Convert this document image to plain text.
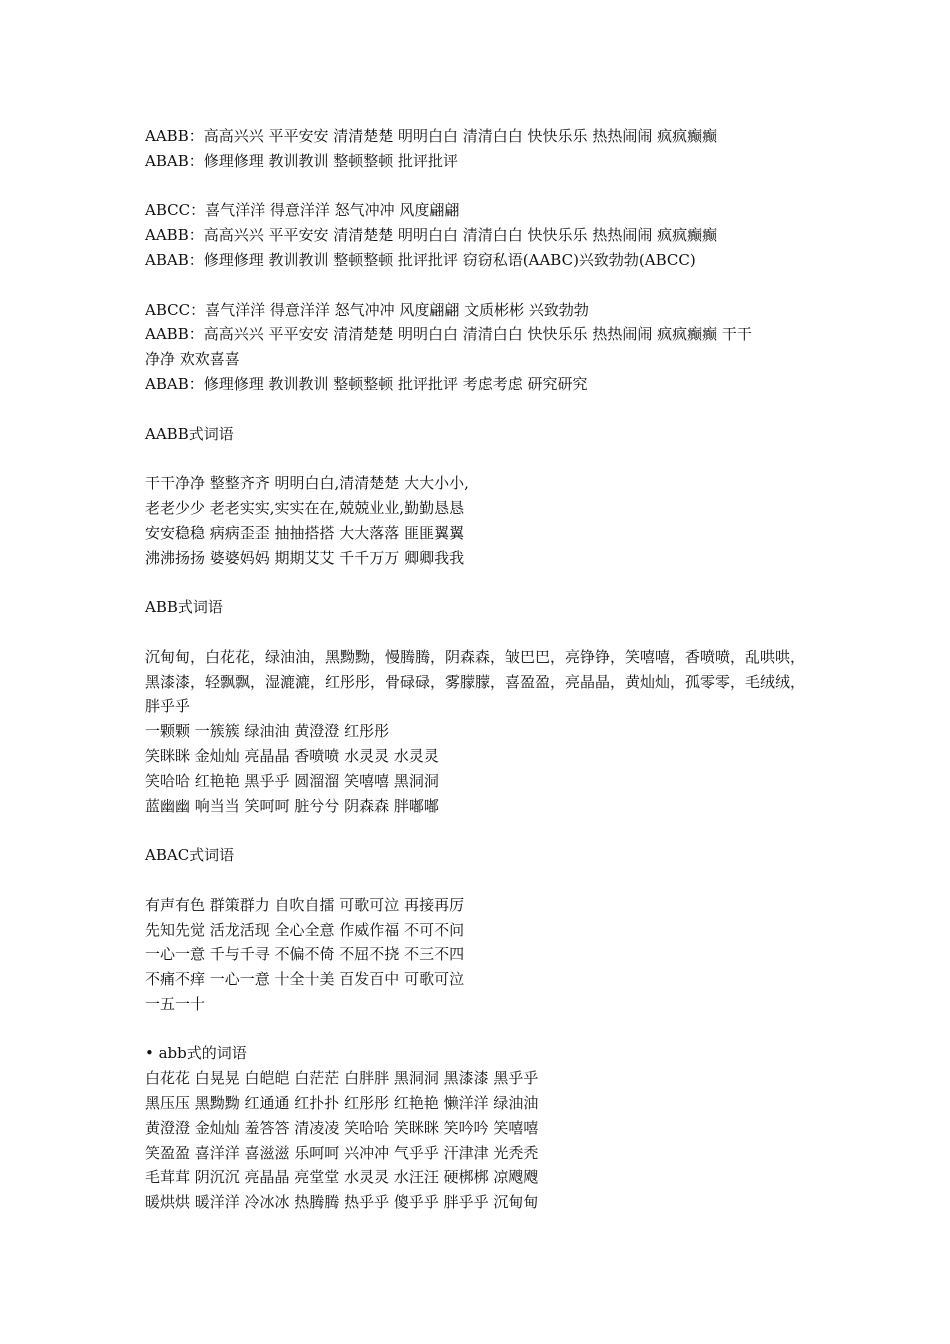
AABB：高高兴兴 平平安安 清清楚楚 明明白白 清清白白 快快乐乐 热热闹闹 疯疯癫癫
ABAB：修理修理 教训教训 整顿整顿 批评批评
ABCC：喜气洋洋 得意洋洋 怒气冲冲 风度翩翩
AABB：高高兴兴 平平安安 清清楚楚 明明白白 清清白白 快快乐乐 热热闹闹 疯疯癫癫
ABAB：修理修理 教训教训 整顿整顿 批评批评 窃窃私语(AABC)兴致勃勃(ABCC)
ABCC：喜气洋洋 得意洋洋 怒气冲冲 风度翩翩 文质彬彬 兴致勃勃
AABB：高高兴兴 平平安安 清清楚楚 明明白白 清清白白 快快乐乐 热热闹闹 疯疯癫癫 干干
净净 欢欢喜喜
ABAB：修理修理 教训教训 整顿整顿 批评批评 考虑考虑 研究研究
AABB式词语
干干净净 整整齐齐 明明白白,清清楚楚 大大小小,
老老少少 老老实实,实实在在,兢兢业业,勤勤恳恳
安安稳稳 病病歪歪 抽抽搭搭 大大落落 匪匪翼翼
沸沸扬扬 婆婆妈妈 期期艾艾 千千万万 卿卿我我
ABB式词语
沉甸甸，白花花，绿油油，黑黝黝，慢腾腾，阴森森，皱巴巴，亮铮铮，笑嘻嘻，香喷喷，乱哄哄，
黑漆漆，轻飘飘，湿漉漉，红彤彤，骨碌碌，雾朦朦，喜盈盈，亮晶晶，黄灿灿，孤零零，毛绒绒，
胖乎乎
一颗颗 一簇簇 绿油油 黄澄澄 红彤彤
笑眯眯 金灿灿 亮晶晶 香喷喷 水灵灵 水灵灵
笑哈哈 红艳艳 黑乎乎 圆溜溜 笑嘻嘻 黑洞洞
蓝幽幽 响当当 笑呵呵 脏兮兮 阴森森 胖嘟嘟
ABAC式词语
有声有色 群策群力 自吹自擂 可歌可泣 再接再厉
先知先觉 活龙活现 全心全意 作威作福 不可不问
一心一意 千与千寻 不偏不倚 不屈不挠 不三不四
不痛不痒 一心一意 十全十美 百发百中 可歌可泣
一五一十
• abb式的词语
白花花 白晃晃 白皑皑 白茫茫 白胖胖 黑洞洞 黑漆漆 黑乎乎
黑压压 黑黝黝 红通通 红扑扑 红彤彤 红艳艳 懒洋洋 绿油油
黄澄澄 金灿灿 羞答答 清凌凌 笑哈哈 笑眯眯 笑吟吟 笑嘻嘻
笑盈盈 喜洋洋 喜滋滋 乐呵呵 兴冲冲 气乎乎 汗津津 光秃秃
毛茸茸 阴沉沉 亮晶晶 亮堂堂 水灵灵 水汪汪 硬梆梆 凉飕飕
暖烘烘 暖洋洋 冷冰冰 热腾腾 热乎乎 傻乎乎 胖乎乎 沉甸甸
